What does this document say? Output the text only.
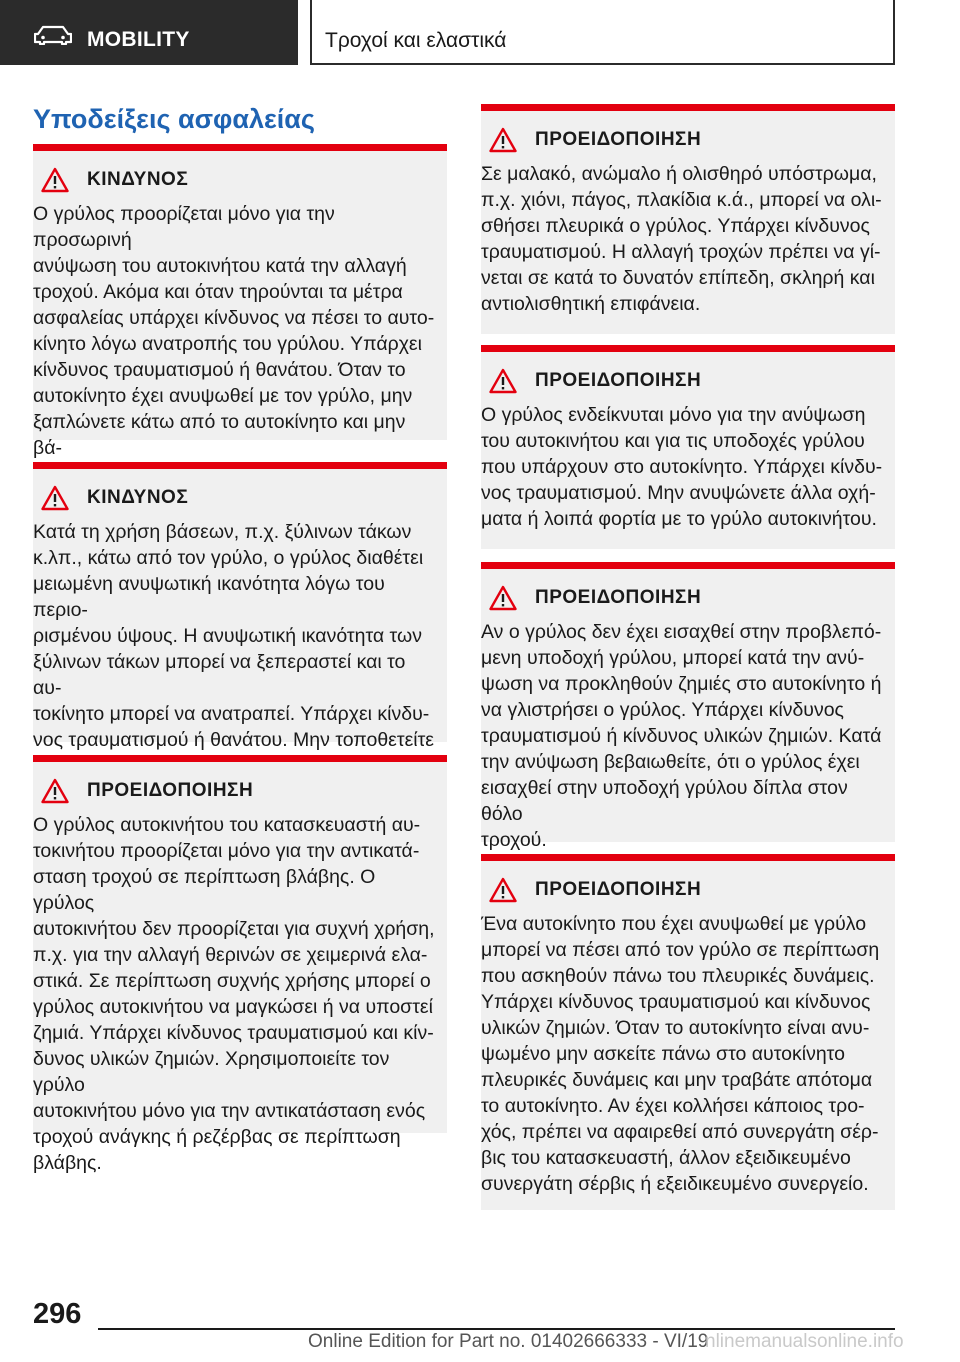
MOBILITY	Τροχοί και ελαστικά
Υποδείξεις ασφαλείας
ΚΙΝΔΥΝΟΣ
Ο γρύλος προορίζεται μόνο για την προσωρινή
ανύψωση του αυτοκινήτου κατά την αλλαγή
τροχού. Ακόμα και όταν τηρούνται τα μέτρα
ασφαλείας υπάρχει κίνδυνος να πέσει το αυτο‐
κίνητο λόγω ανατροπής του γρύλου. Υπάρχει
κίνδυνος τραυματισμού ή θανάτου. Όταν το
αυτοκίνητο έχει ανυψωθεί με τον γρύλο, μην
ξαπλώνετε κάτω από το αυτοκίνητο και μην βά‐

ΚΙΝΔΥΝΟΣ
Κατά τη χρήση βάσεων, π.χ. ξύλινων τάκων
κ.λπ., κάτω από τον γρύλο, ο γρύλος διαθέτει
μειωμένη ανυψωτική ικανότητα λόγω του περιο‐
ρισμένου ύψους. Η ανυψωτική ικανότητα των
ξύλινων τάκων μπορεί να ξεπεραστεί και το αυ‐
τοκίνητο μπορεί να ανατραπεί. Υπάρχει κίνδυ‐
νος τραυματισμού ή θανάτου. Μην τοποθετείτε

ΠΡΟΕΙΔΟΠΟΙΗΣΗ
Ο γρύλος αυτοκινήτου του κατασκευαστή αυ‐
τοκινήτου προορίζεται μόνο για την αντικατά‐
σταση τροχού σε περίπτωση βλάβης. Ο γρύλος
αυτοκινήτου δεν προορίζεται για συχνή χρήση,
π.χ. για την αλλαγή θερινών σε χειμερινά ελα‐
στικά. Σε περίπτωση συχνής χρήσης μπορεί ο
γρύλος αυτοκινήτου να μαγκώσει ή να υποστεί
ζημιά. Υπάρχει κίνδυνος τραυματισμού και κίν‐
δυνος υλικών ζημιών. Χρησιμοποιείτε τον γρύλο
αυτοκινήτου μόνο για την αντικατάσταση ενός
τροχού ανάγκης ή ρεζέρβας σε περίπτωση
βλάβης.
ΠΡΟΕΙΔΟΠΟΙΗΣΗ
Σε μαλακό, ανώμαλο ή ολισθηρό υπόστρωμα,
π.χ. χιόνι, πάγος, πλακίδια κ.ά., μπορεί να ολι‐
σθήσει πλευρικά ο γρύλος. Υπάρχει κίνδυνος
τραυματισμού. Η αλλαγή τροχών πρέπει να γί‐
νεται σε κατά το δυνατόν επίπεδη, σκληρή και
αντιολισθητική επιφάνεια.
ΠΡΟΕΙΔΟΠΟΙΗΣΗ
Ο γρύλος ενδείκνυται μόνο για την ανύψωση
του αυτοκινήτου και για τις υποδοχές γρύλου
που υπάρχουν στο αυτοκίνητο. Υπάρχει κίνδυ‐
νος τραυματισμού. Μην ανυψώνετε άλλα οχή‐
ματα ή λοιπά φορτία με το γρύλο αυτοκινήτου.
ΠΡΟΕΙΔΟΠΟΙΗΣΗ
Αν ο γρύλος δεν έχει εισαχθεί στην προβλεπό‐
μενη υποδοχή γρύλου, μπορεί κατά την ανύ‐
ψωση να προκληθούν ζημιές στο αυτοκίνητο ή
να γλιστρήσει ο γρύλος. Υπάρχει κίνδυνος
τραυματισμού ή κίνδυνος υλικών ζημιών. Κατά
την ανύψωση βεβαιωθείτε, ότι ο γρύλος έχει
εισαχθεί στην υποδοχή γρύλου δίπλα στον θόλο
τροχού.
ΠΡΟΕΙΔΟΠΟΙΗΣΗ
Ένα αυτοκίνητο που έχει ανυψωθεί με γρύλο
μπορεί να πέσει από τον γρύλο σε περίπτωση
που ασκηθούν πάνω του πλευρικές δυνάμεις.
Υπάρχει κίνδυνος τραυματισμού και κίνδυνος
υλικών ζημιών. Όταν το αυτοκίνητο είναι ανυ‐
ψωμένο μην ασκείτε πάνω στο αυτοκίνητο
πλευρικές δυνάμεις και μην τραβάτε απότομα
το αυτοκίνητο. Αν έχει κολλήσει κάποιος τρο‐
χός, πρέπει να αφαιρεθεί από συνεργάτη σέρ‐
βις του κατασκευαστή, άλλον εξειδικευμένο
συνεργάτη σέρβις ή εξειδικευμένο συνεργείο.
296
Online Edition for Part no. 01402666333 - VI/19
nlinemanualsonline.info
